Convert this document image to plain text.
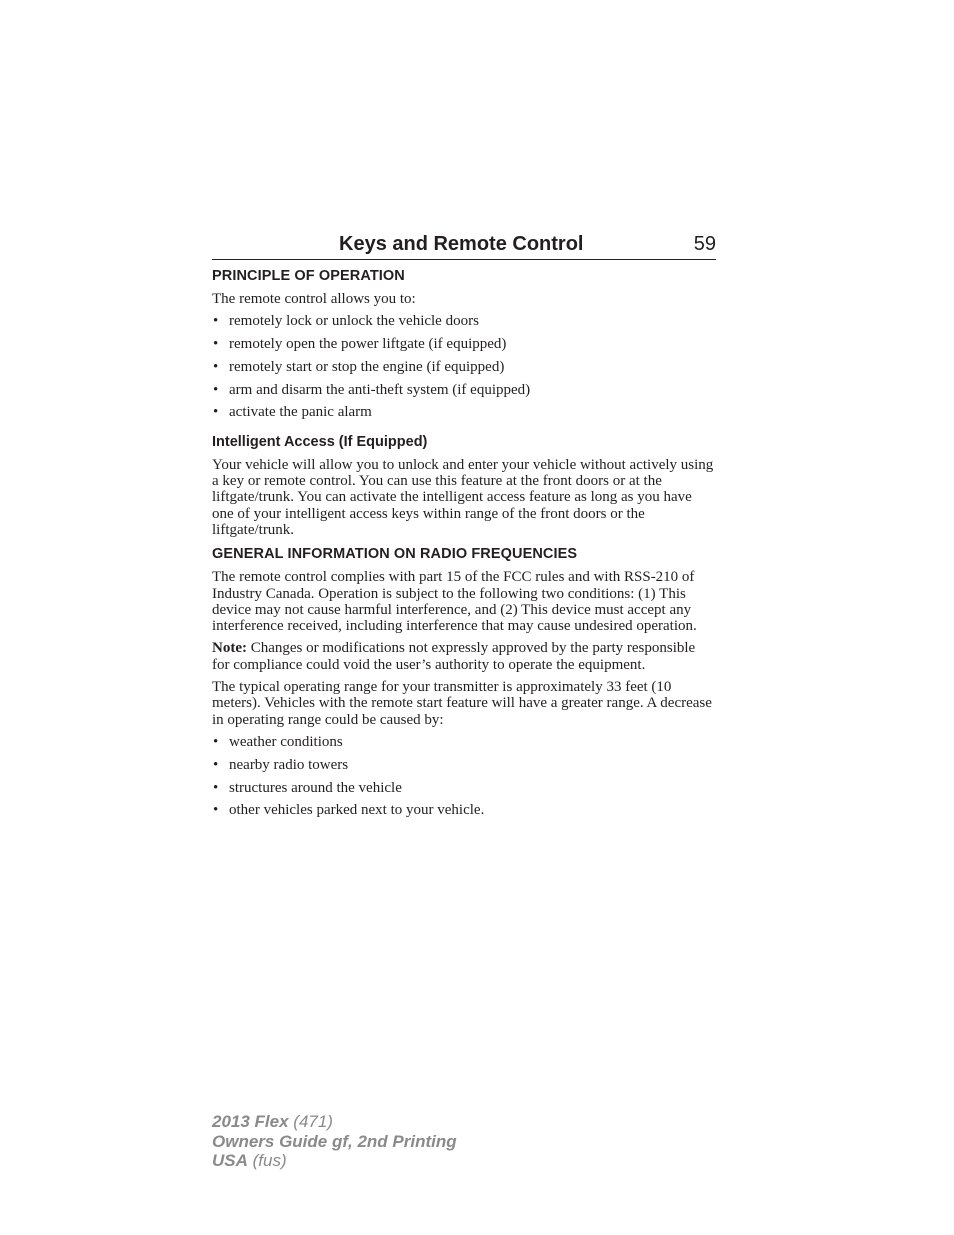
Keys and Remote Control	59
PRINCIPLE OF OPERATION

The remote control allows you to:

• remotely lock or unlock the vehicle doors
• remotely open the power liftgate (if equipped)
• remotely start or stop the engine (if equipped)
• arm and disarm the anti-theft system (if equipped)
• activate the panic alarm
Intelligent Access (If Equipped)

Your vehicle will allow you to unlock and enter your vehicle without actively using a key or remote control. You can use this feature at the front doors or at the liftgate/trunk. You can activate the intelligent access feature as long as you have one of your intelligent access keys within range of the front doors or the liftgate/trunk.

GENERAL INFORMATION ON RADIO FREQUENCIES

The remote control complies with part 15 of the FCC rules and with RSS-210 of Industry Canada. Operation is subject to the following two conditions: (1) This device may not cause harmful interference, and (2) This device must accept any interference received, including interference that may cause undesired operation.

Note: Changes or modifications not expressly approved by the party responsible for compliance could void the user’s authority to operate the equipment.

The typical operating range for your transmitter is approximately 33 feet (10 meters). Vehicles with the remote start feature will have a greater range. A decrease in operating range could be caused by:

• weather conditions
• nearby radio towers
• structures around the vehicle
• other vehicles parked next to your vehicle.
2013 Flex (471)
Owners Guide gf, 2nd Printing
USA (fus)
